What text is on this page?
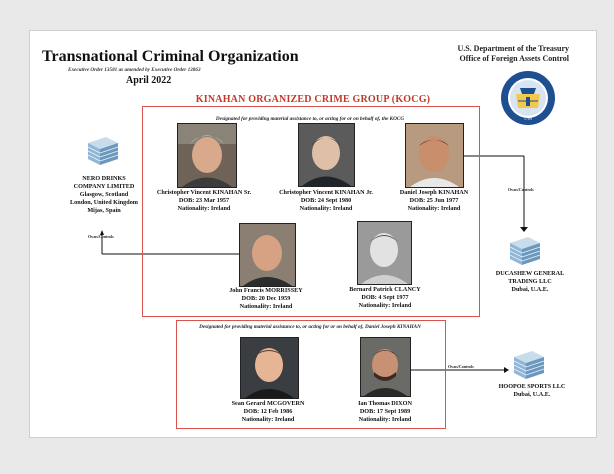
Transnational Criminal Organization
Executive Order 13581 as amended by Executive Order 13863
April 2022
U.S. Department of the Treasury
Office of Foreign Assets Control
1789
KINAHAN ORGANIZED CRIME GROUP (KOCG)
Designated for providing material assistance to, or acting for or on behalf of, the KOCG
Christopher Vincent KINAHAN Sr.
DOB: 23 Mar 1957
Nationality: Ireland
Christopher Vincent KINAHAN Jr.
DOB: 24 Sept 1980
Nationality: Ireland
Daniel Joseph KINAHAN
DOB: 25 Jun 1977
Nationality: Ireland
John Francis MORRISSEY
DOB: 20 Dec 1959
Nationality: Ireland
Bernard Patrick CLANCY
DOB: 4 Sept 1977
Nationality: Ireland
Designated for providing material assistance to, or acting for or on behalf of, Daniel Joseph KINAHAN
Sean Gerard MCGOVERN
DOB: 12 Feb 1986
Nationality: Ireland
Ian Thomas DIXON
DOB: 17 Sept 1989
Nationality: Ireland
NERO DRINKS
COMPANY LIMITED
Glasgow, Scotland
London, United Kingdom
Mijas, Spain
DUCASHEW GENERAL
TRADING LLC
Dubai, U.A.E.
HOOPOE SPORTS LLC
Dubai, U.A.E.
Owns/Controls
Owns/Controls
Owns/Controls
